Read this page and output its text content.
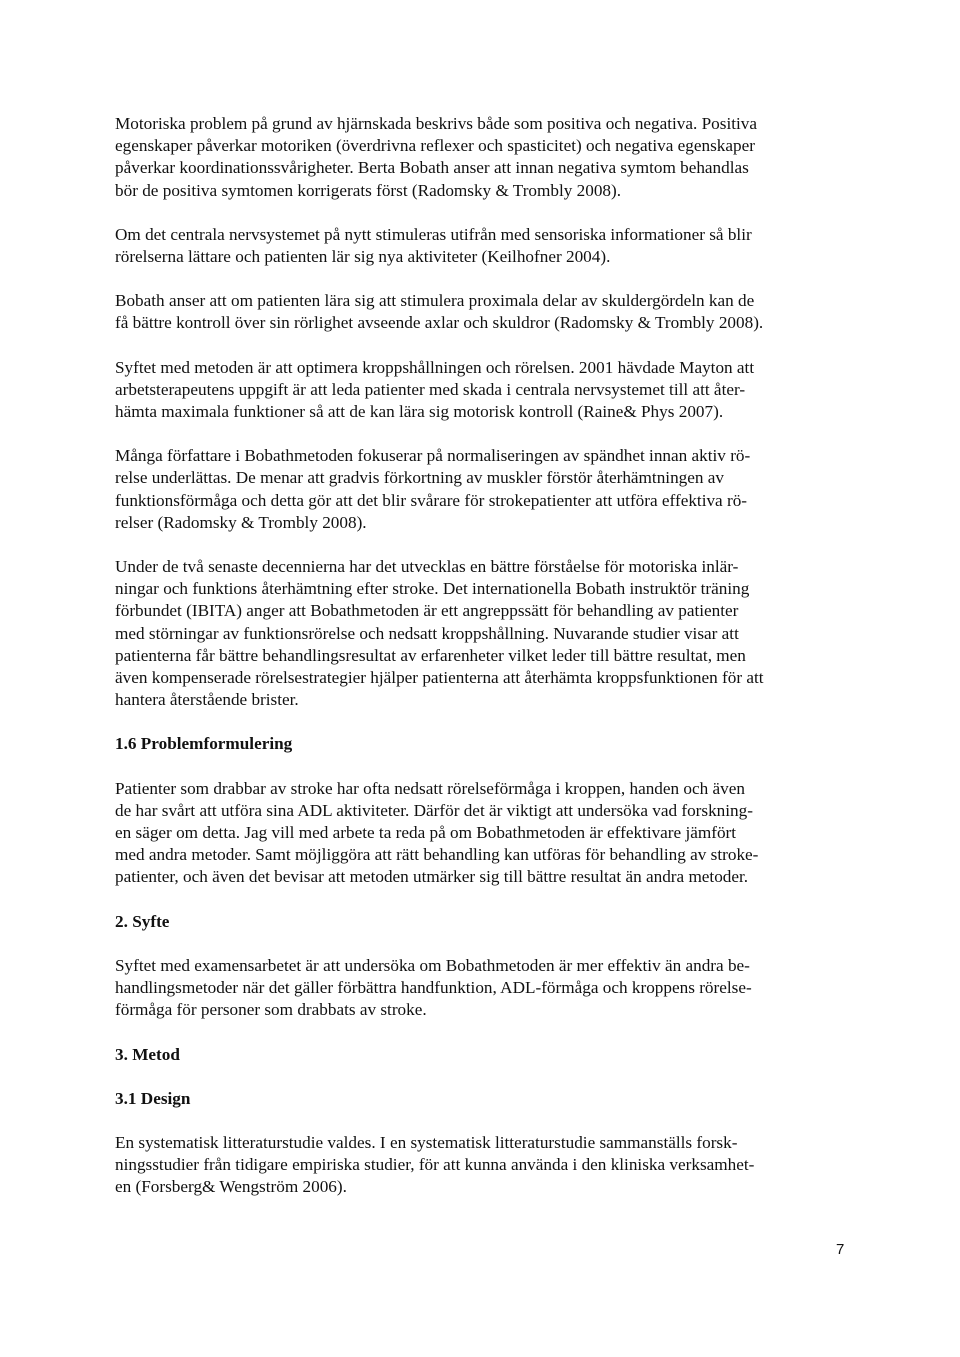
Motoriska problem på grund av hjärnskada beskrivs både som positiva och negativa. Positiva
egenskaper påverkar motoriken (överdrivna reflexer och spasticitet) och negativa egenskaper
påverkar koordinationssvårigheter. Berta Bobath anser att innan negativa symtom behandlas
bör de positiva symtomen korrigerats först (Radomsky & Trombly 2008).
Om det centrala nervsystemet på nytt stimuleras utifrån med sensoriska informationer så blir
rörelserna lättare och patienten lär sig nya aktiviteter (Keilhofner 2004).
Bobath anser att om patienten lära sig att stimulera proximala delar av skuldergördeln kan de
få bättre kontroll över sin rörlighet avseende axlar och skuldror (Radomsky & Trombly 2008).
Syftet med metoden är att optimera kroppshållningen och rörelsen. 2001 hävdade Mayton att
arbetsterapeutens uppgift är att leda patienter med skada i centrala nervsystemet till att åter-
hämta maximala funktioner så att de kan lära sig motorisk kontroll (Raine& Phys 2007).
Många författare i Bobathmetoden fokuserar på normaliseringen av spändhet innan aktiv rö-
relse underlättas. De menar att gradvis förkortning av muskler förstör återhämtningen av
funktionsförmåga och detta gör att det blir svårare för strokepatienter att utföra effektiva rö-
relser (Radomsky & Trombly 2008).
Under de två senaste decennierna har det utvecklas en bättre förståelse för motoriska inlär-
ningar och funktions återhämtning efter stroke. Det internationella Bobath instruktör träning
förbundet (IBITA) anger att Bobathmetoden är ett angreppssätt för behandling av patienter
med störningar av funktionsrörelse och nedsatt kroppshållning. Nuvarande studier visar att
patienterna får bättre behandlingsresultat av erfarenheter vilket leder till bättre resultat, men
även kompenserade rörelsestrategier hjälper patienterna att återhämta kroppsfunktionen för att
hantera återstående brister.
1.6 Problemformulering
Patienter som drabbar av stroke har ofta nedsatt rörelseförmåga i kroppen, handen och även
de har svårt att utföra sina ADL aktiviteter. Därför det är viktigt att undersöka vad forskning-
en säger om detta. Jag vill med arbete ta reda på om Bobathmetoden är effektivare jämfört
med andra metoder. Samt möjliggöra att rätt behandling kan utföras för behandling av stroke-
patienter, och även det bevisar att metoden utmärker sig till bättre resultat än andra metoder.
2. Syfte
Syftet med examensarbetet är att undersöka om Bobathmetoden är mer effektiv än andra be-
handlingsmetoder när det gäller förbättra handfunktion, ADL-förmåga och kroppens rörelse-
förmåga för personer som drabbats av stroke.
3. Metod
3.1 Design
En systematisk litteraturstudie valdes. I en systematisk litteraturstudie sammanställs forsk-
ningsstudier från tidigare empiriska studier, för att kunna använda i den kliniska verksamhet-
en (Forsberg& Wengström 2006).
7
